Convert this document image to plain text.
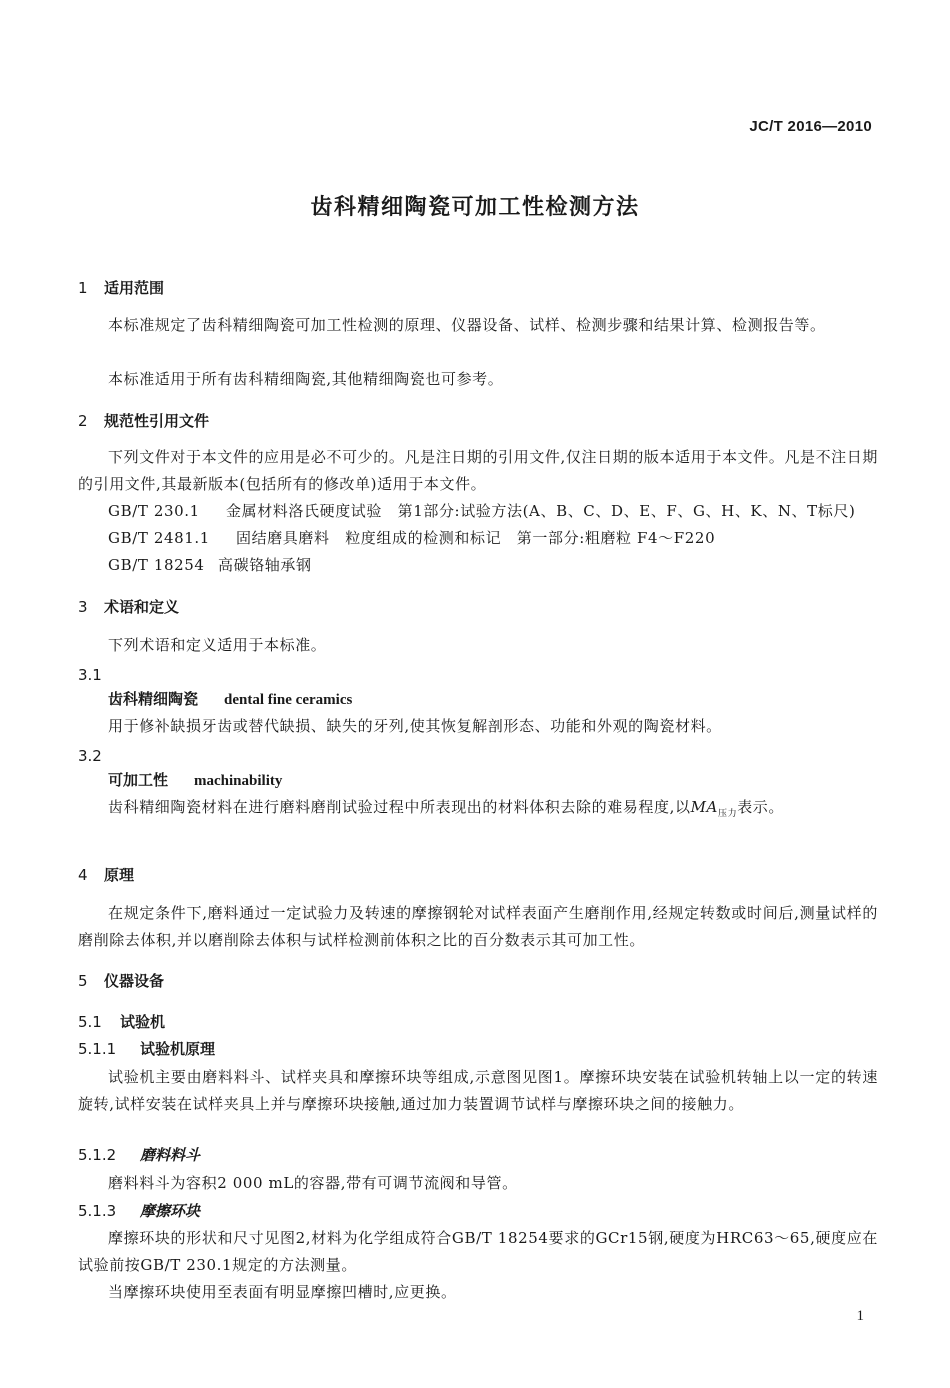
JC/T 2016—2010
齿科精细陶瓷可加工性检测方法
1 适用范围
本标准规定了齿科精细陶瓷可加工性检测的原理、仪器设备、试样、检测步骤和结果计算、检测报告等。
本标准适用于所有齿科精细陶瓷,其他精细陶瓷也可参考。
2 规范性引用文件
下列文件对于本文件的应用是必不可少的。凡是注日期的引用文件,仅注日期的版本适用于本文件。凡是不注日期的引用文件,其最新版本(包括所有的修改单)适用于本文件。
GB/T 230.1 金属材料洛氏硬度试验　第1部分:试验方法(A、B、C、D、E、F、G、H、K、N、T标尺)
GB/T 2481.1 固结磨具磨料　粒度组成的检测和标记　第一部分:粗磨粒 F4～F220
GB/T 18254 高碳铬轴承钢
3 术语和定义
下列术语和定义适用于本标准。
3.1
齿科精细陶瓷 dental fine ceramics
用于修补缺损牙齿或替代缺损、缺失的牙列,使其恢复解剖形态、功能和外观的陶瓷材料。
3.2
可加工性 machinability
齿科精细陶瓷材料在进行磨料磨削试验过程中所表现出的材料体积去除的难易程度,以$MA_{压力}$表示。
4 原理
在规定条件下,磨料通过一定试验力及转速的摩擦钢轮对试样表面产生磨削作用,经规定转数或时间后,测量试样的磨削除去体积,并以磨削除去体积与试样检测前体积之比的百分数表示其可加工性。
5 仪器设备
5.1 试验机
5.1.1 试验机原理
试验机主要由磨料料斗、试样夹具和摩擦环块等组成,示意图见图1。摩擦环块安装在试验机转轴上以一定的转速旋转,试样安装在试样夹具上并与摩擦环块接触,通过加力装置调节试样与摩擦环块之间的接触力。
5.1.2 磨料料斗
磨料料斗为容积2 000 mL的容器,带有可调节流阀和导管。
5.1.3 摩擦环块
摩擦环块的形状和尺寸见图2,材料为化学组成符合GB/T 18254要求的GCr15钢,硬度为HRC63～65,硬度应在试验前按GB/T 230.1规定的方法测量。
当摩擦环块使用至表面有明显摩擦凹槽时,应更换。
1
